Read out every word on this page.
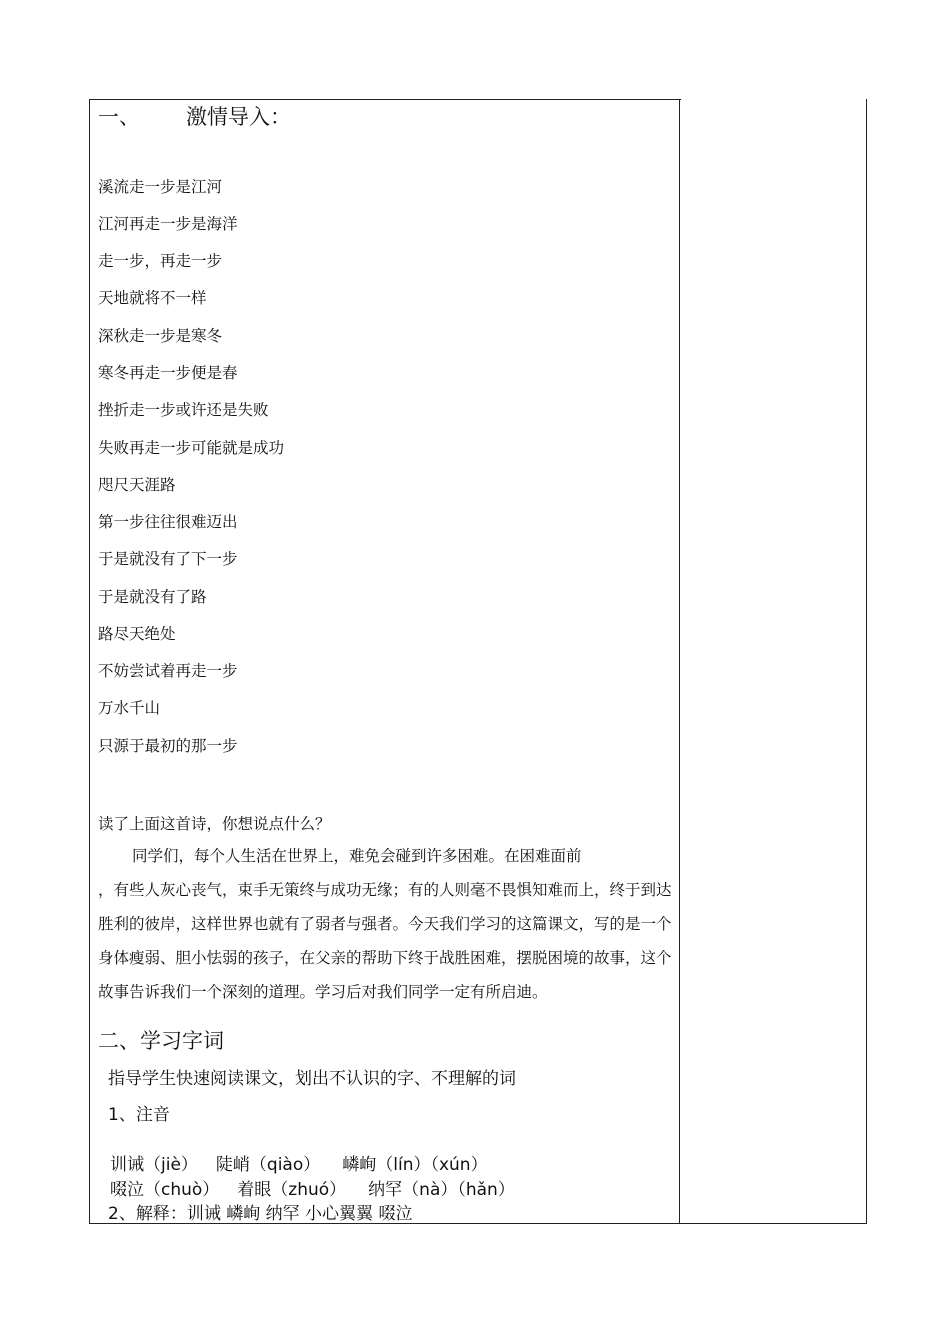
一、 激情导入：
溪流走一步是江河
江河再走一步是海洋
走一步，再走一步
天地就将不一样
深秋走一步是寒冬
寒冬再走一步便是春
挫折走一步或许还是失败
失败再走一步可能就是成功
咫尺天涯路
第一步往往很难迈出
于是就没有了下一步
于是就没有了路
路尽天绝处
不妨尝试着再走一步
万水千山
只源于最初的那一步
读了上面这首诗，你想说点什么？
同学们，每个人生活在世界上，难免会碰到许多困难。在困难面前
，有些人灰心丧气，束手无策终与成功无缘；有的人则毫不畏惧知难而上，终于到达胜利的彼岸，这样世界也就有了弱者与强者。今天我们学习的这篇课文，写的是一个身体瘦弱、胆小怯弱的孩子，在父亲的帮助下终于战胜困难，摆脱困境的故事，这个故事告诉我们一个深刻的道理。学习后对我们同学一定有所启迪。
二、学习字词
指导学生快速阅读课文，划出不认识的字、不理解的词
1、注音
训诫（jiè） 陡峭（qiào） 嶙峋（lín）（xún）
啜泣（chuò） 着眼（zhuó） 纳罕（nà）（hǎn）
2、解释：训诫 嶙峋 纳罕 小心翼翼 啜泣
